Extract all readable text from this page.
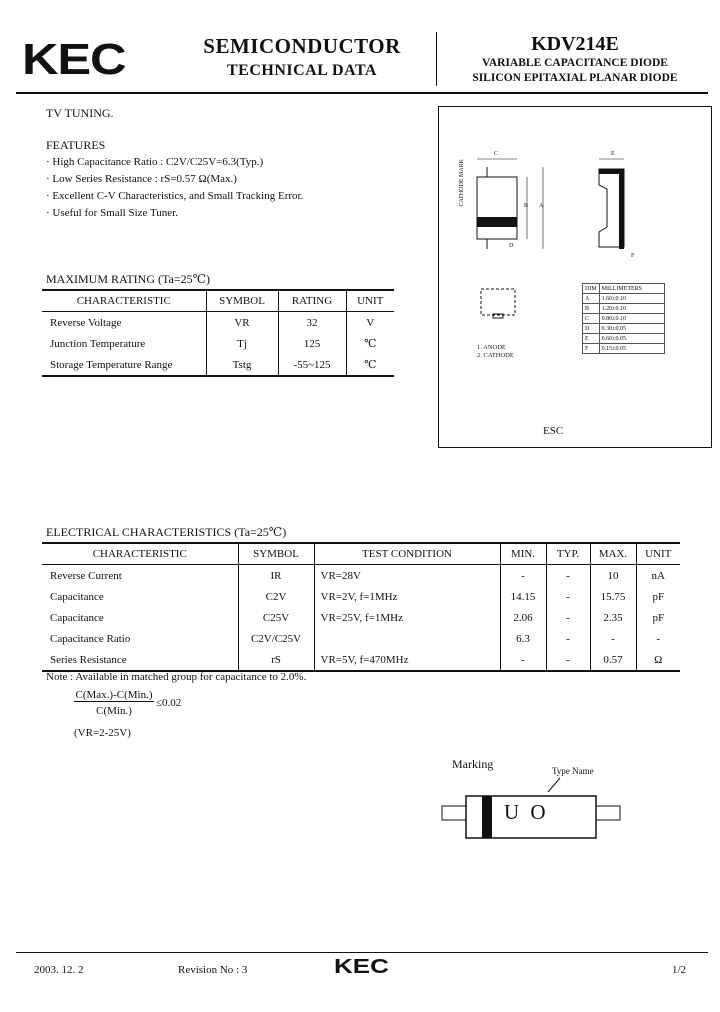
KEC	SEMICONDUCTOR
TECHNICAL DATA
KDV214E
VARIABLE CAPACITANCE DIODE
SILICON EPITAXIAL PLANAR DIODE
TV TUNING.
FEATURES
· High Capacitance Ratio : C2V/C25V=6.3(Typ.)
· Low Series Resistance : rS=0.57 Ω(Max.)
· Excellent C-V Characteristics, and Small Tracking Error.
· Useful for Small Size Tuner.
MAXIMUM RATING (Ta=25℃)
CHARACTERISTIC	SYMBOL	RATING	UNIT
Reverse Voltage	VR	32	V
Junction Temperature	Tj	125	℃
Storage Temperature Range	Tstg	-55~125	℃
CATHODE MARK
C
B A
D
E
F
1. ANODE
2. CATHODE
ESC
DIM	MILLIMETERS
A	1.60±0.10
B	1.20±0.10
C	0.80±0.10
D	0.30±0.05
E	0.60±0.05
F	0.15±0.05
ELECTRICAL CHARACTERISTICS (Ta=25℃)
CHARACTERISTIC	SYMBOL	TEST CONDITION	MIN.	TYP.	MAX.	UNIT
Reverse Current	IR	VR=28V	-	-	10	nA
Capacitance	C2V	VR=2V, f=1MHz	14.15	-	15.75	pF
Capacitance	C25V	VR=25V, f=1MHz	2.06	-	2.35	pF
Capacitance Ratio	C2V/C25V		6.3	-	-	-
Series Resistance	rS	VR=5V, f=470MHz	-	-	0.57	Ω
Note : Available in matched group for capacitance to 2.0%.
C(Max.)-C(Min.)
C(Min.)
≤0.02
(VR=2-25V)
Marking	Type Name
U O
2003. 12. 2	Revision No : 3	KEC	1/2
